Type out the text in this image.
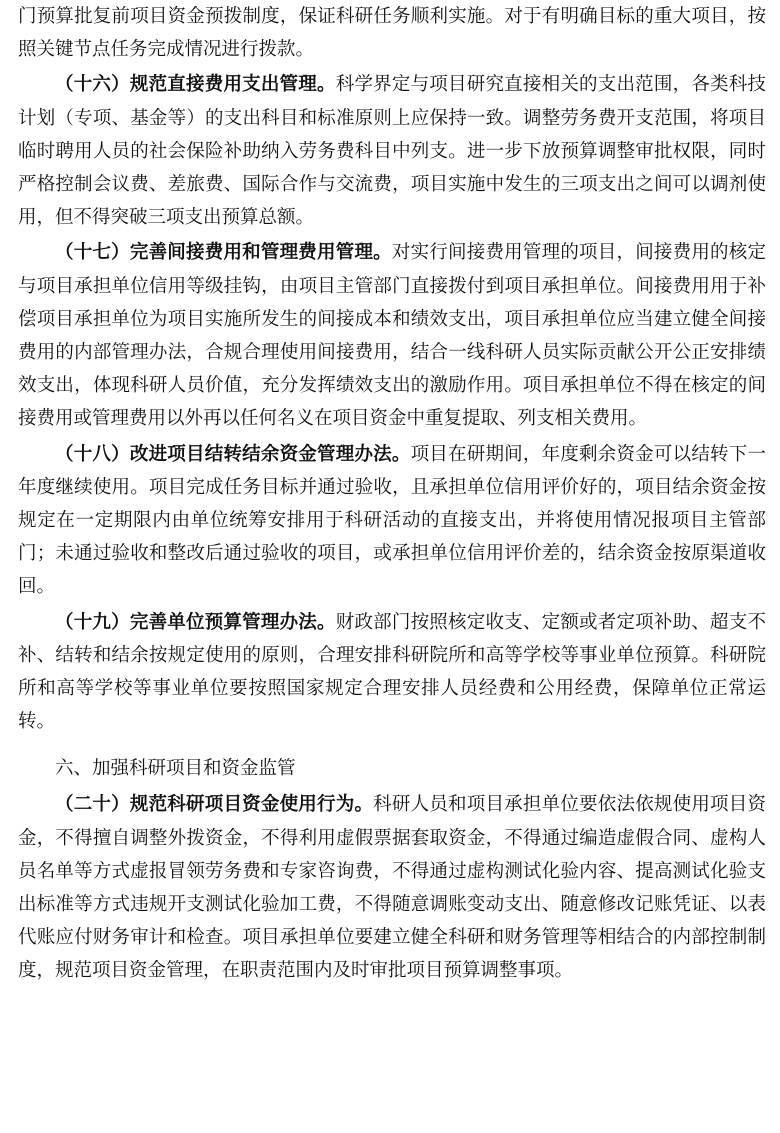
门预算批复前项目资金预拨制度，保证科研任务顺利实施。对于有明确目标的重大项目，按照关键节点任务完成情况进行拨款。

（十六）规范直接费用支出管理。科学界定与项目研究直接相关的支出范围，各类科技计划（专项、基金等）的支出科目和标准原则上应保持一致。调整劳务费开支范围，将项目临时聘用人员的社会保险补助纳入劳务费科目中列支。进一步下放预算调整审批权限，同时严格控制会议费、差旅费、国际合作与交流费，项目实施中发生的三项支出之间可以调剂使用，但不得突破三项支出预算总额。

（十七）完善间接费用和管理费用管理。对实行间接费用管理的项目，间接费用的核定与项目承担单位信用等级挂钩，由项目主管部门直接拨付到项目承担单位。间接费用用于补偿项目承担单位为项目实施所发生的间接成本和绩效支出，项目承担单位应当建立健全间接费用的内部管理办法，合规合理使用间接费用，结合一线科研人员实际贡献公开公正安排绩效支出，体现科研人员价值，充分发挥绩效支出的激励作用。项目承担单位不得在核定的间接费用或管理费用以外再以任何名义在项目资金中重复提取、列支相关费用。

（十八）改进项目结转结余资金管理办法。项目在研期间，年度剩余资金可以结转下一年度继续使用。项目完成任务目标并通过验收，且承担单位信用评价好的，项目结余资金按规定在一定期限内由单位统筹安排用于科研活动的直接支出，并将使用情况报项目主管部门；未通过验收和整改后通过验收的项目，或承担单位信用评价差的，结余资金按原渠道收回。

（十九）完善单位预算管理办法。财政部门按照核定收支、定额或者定项补助、超支不补、结转和结余按规定使用的原则，合理安排科研院所和高等学校等事业单位预算。科研院所和高等学校等事业单位要按照国家规定合理安排人员经费和公用经费，保障单位正常运转。

六、加强科研项目和资金监管

（二十）规范科研项目资金使用行为。科研人员和项目承担单位要依法依规使用项目资金，不得擅自调整外拨资金，不得利用虚假票据套取资金，不得通过编造虚假合同、虚构人员名单等方式虚报冒领劳务费和专家咨询费，不得通过虚构测试化验内容、提高测试化验支出标准等方式违规开支测试化验加工费，不得随意调账变动支出、随意修改记账凭证、以表代账应付财务审计和检查。项目承担单位要建立健全科研和财务管理等相结合的内部控制制度，规范项目资金管理，在职责范围内及时审批项目预算调整事项。
